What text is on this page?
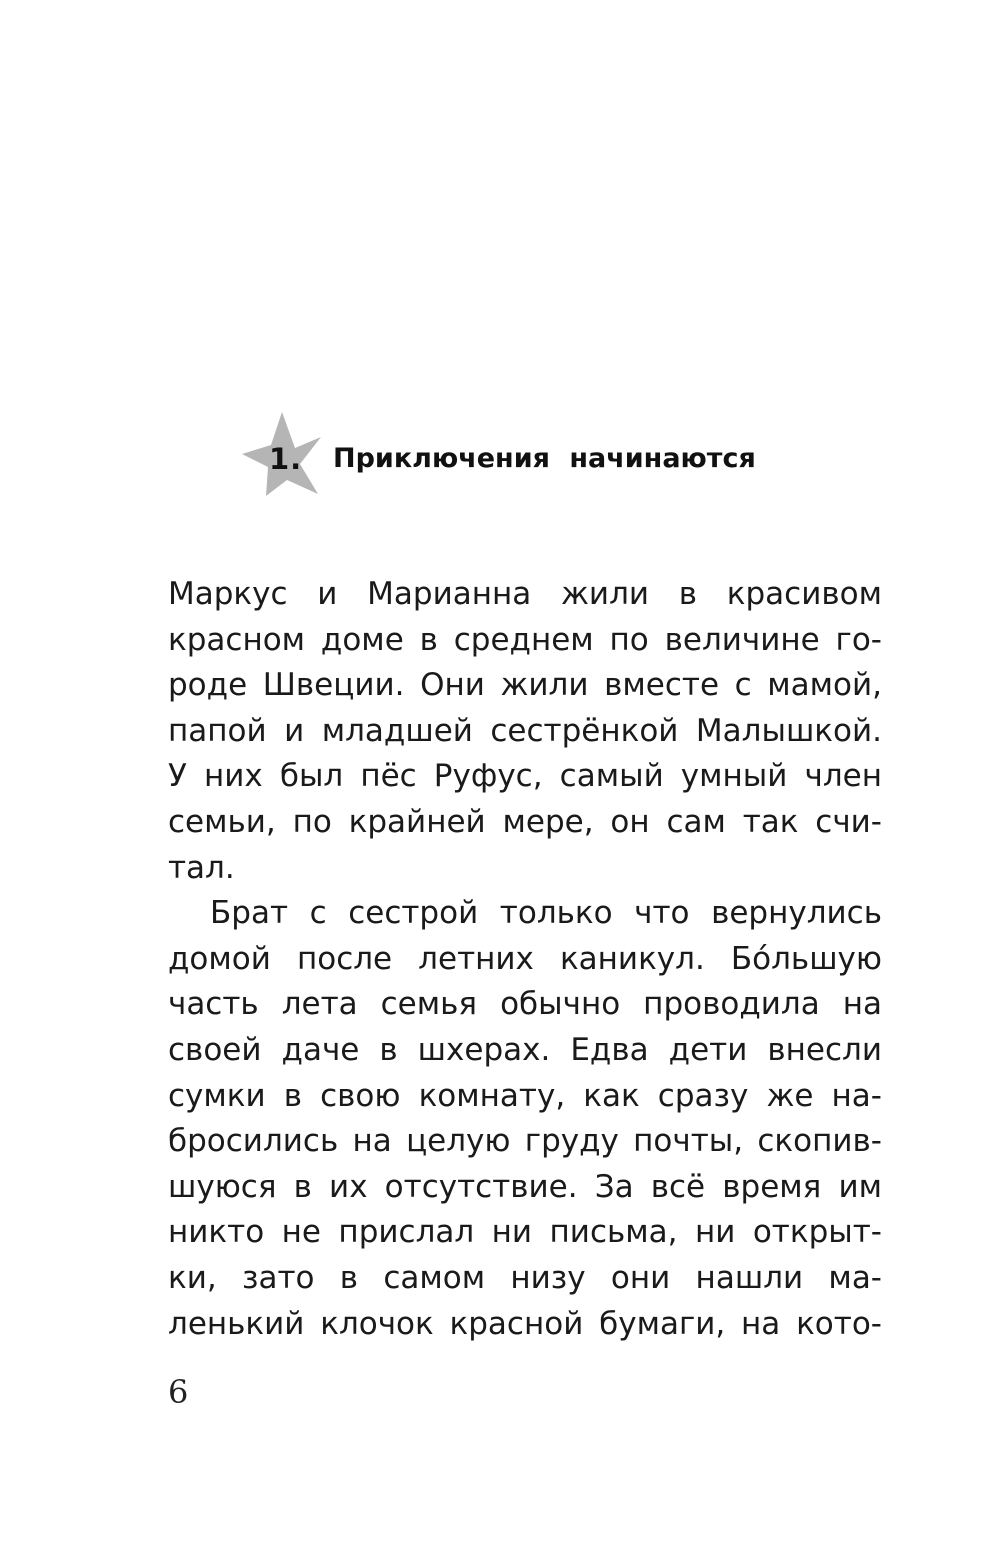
1. Приключения начинаются
Маркус и Марианна жили в красивом
красном доме в среднем по величине го-
роде Швеции. Они жили вместе с мамой,
папой и младшей сестрёнкой Малышкой.
У них был пёс Руфус, самый умный член
семьи, по крайней мере, он сам так счи-
тал.
Брат с сестрой только что вернулись
домой после летних каникул. Бóльшую
часть лета семья обычно проводила на
своей даче в шхерах. Едва дети внесли
сумки в свою комнату, как сразу же на-
бросились на целую груду почты, скопив-
шуюся в их отсутствие. За всё время им
никто не прислал ни письма, ни открыт-
ки, зато в самом низу они нашли ма-
ленький клочок красной бумаги, на кото-
6
